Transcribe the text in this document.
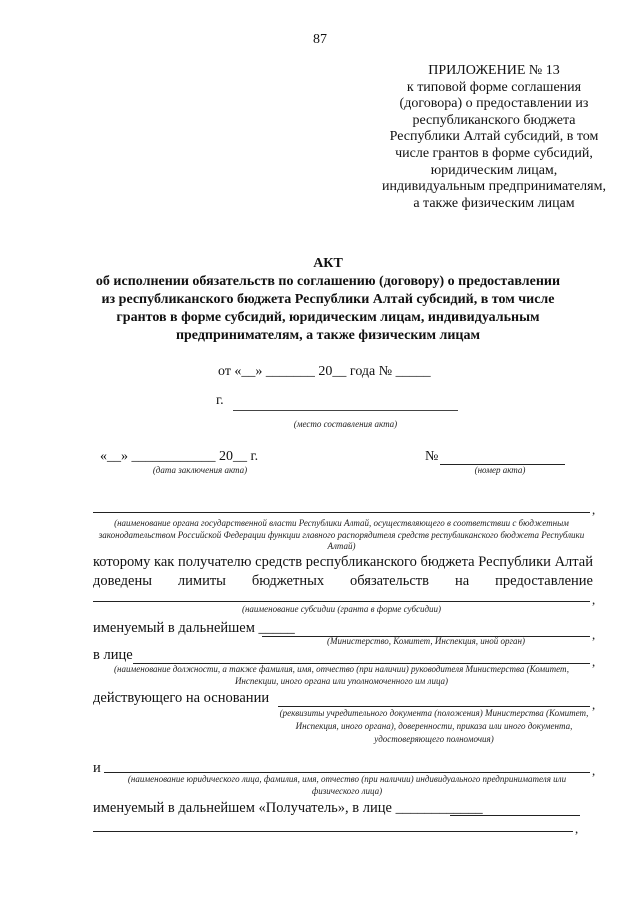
87
ПРИЛОЖЕНИЕ № 13
к типовой форме соглашения (договора) о предоставлении из республиканского бюджета Республики Алтай субсидий, в том числе грантов в форме субсидий, юридическим лицам, индивидуальным предпринимателям, а также физическим лицам
АКТ
об исполнении обязательств по соглашению (договору) о предоставлении из республиканского бюджета Республики Алтай субсидий, в том числе грантов в форме субсидий, юридическим лицам, индивидуальным предпринимателям, а также физическим лицам
от «__» _______ 20__ года № _____
г.
(место составления акта)
«__» ____________ 20__ г.
(дата заключения акта)
№
(номер акта)
,
(наименование органа государственной власти Республики Алтай, осуществляющего в соответствии с бюджетным законодательством Российской Федерации функции главного распорядителя средств республиканского бюджета Республики Алтай)
которому как получателю средств республиканского бюджета Республики Алтай доведены лимиты бюджетных обязательств на предоставление
,
(наименование субсидии (гранта в форме субсидии)
именуемый в дальнейшем _____	,
(Министерство, Комитет, Инспекция, иной орган)
в лице	,
(наименование должности, а также фамилия, имя, отчество (при наличии) руководителя Министерства (Комитет, Инспекции, иного органа или уполномоченного им лица)
действующего на основании	,
(реквизиты учредительного документа (положения) Министерства (Комитет, Инспекция, иного органа), доверенности, приказа или иного документа, удостоверяющего полномочия)
и	,
(наименование юридического лица, фамилия, имя, отчество (при наличии) индивидуального предпринимателя или физического лица)
именуемый в дальнейшем «Получатель», в лице ____________
,
